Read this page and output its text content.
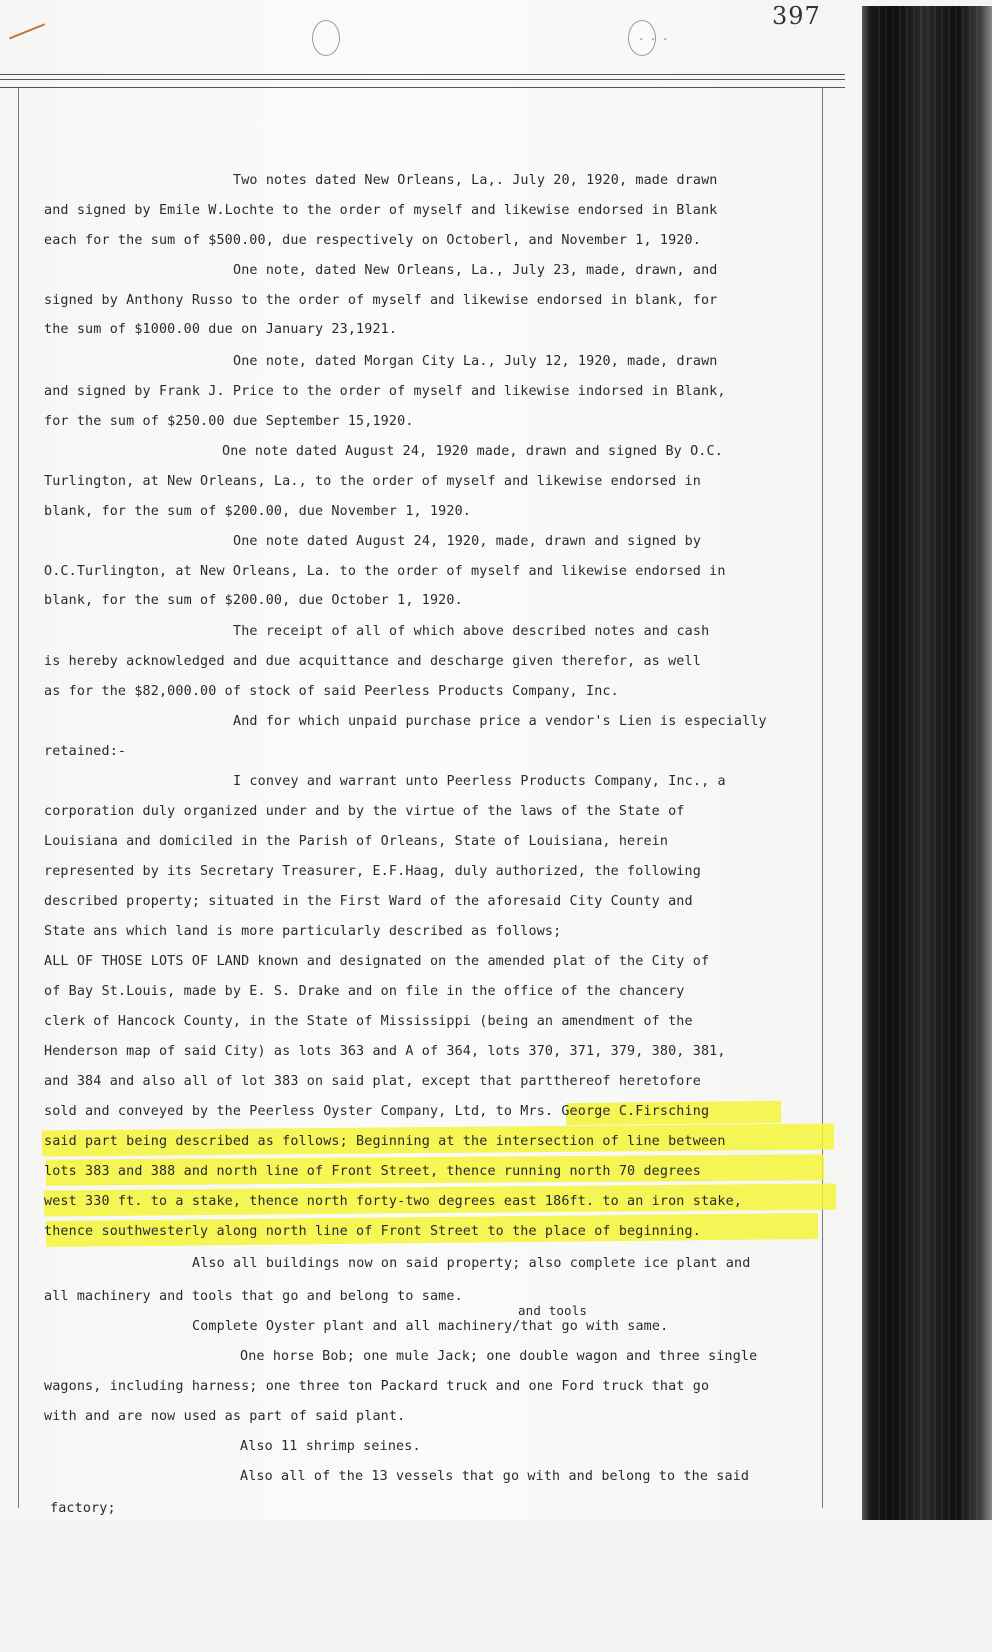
- - -
397
Two notes dated New Orleans, La,. July 20, 1920, made drawn
and signed by Emile W.Lochte to the order of myself and likewise endorsed in Blank
each for the sum of $500.00, due respectively on Octoberl, and November 1, 1920.
One note, dated New Orleans, La., July 23, made, drawn, and
signed by Anthony Russo to the order of myself and likewise endorsed in blank, for
the sum of $1000.00 due on January 23,1921.
One note, dated Morgan City La., July 12, 1920, made, drawn
and signed by Frank J. Price to the order of myself and likewise indorsed in Blank,
for the sum of $250.00 due September 15,1920.
One note dated August 24, 1920 made, drawn and signed By O.C.
Turlington, at New Orleans, La., to the order of myself and likewise endorsed in
blank, for the sum of $200.00, due November 1, 1920.
One note dated August 24, 1920, made, drawn and signed by
O.C.Turlington, at New Orleans, La. to the order of myself and likewise endorsed in
blank, for the sum of $200.00, due October 1, 1920.
The receipt of all of which above described notes and cash
is hereby acknowledged and due acquittance and descharge given therefor, as well
as for the $82,000.00 of stock of said Peerless Products Company, Inc.
And for which unpaid purchase price a vendor's Lien is especially
retained:-
I convey and warrant unto Peerless Products Company, Inc., a
corporation duly organized under and by the virtue of the laws of the State of
Louisiana and domiciled in the Parish of Orleans, State of Louisiana, herein
represented by its Secretary Treasurer, E.F.Haag, duly authorized, the following
described property; situated in the First Ward of the aforesaid City County and
State ans which land is more particularly described as follows;
ALL OF THOSE LOTS OF LAND known and designated on the amended plat of the City of
of Bay St.Louis, made by E. S. Drake and on file in the office of the chancery
clerk of Hancock County, in the State of Mississippi (being an amendment of the
Henderson map of said City) as lots 363 and A of 364, lots 370, 371, 379, 380, 381,
and 384 and also all of lot 383 on said plat, except that partthereof heretofore
sold and conveyed by the Peerless Oyster Company, Ltd, to Mrs. George C.Firsching
said part being described as follows; Beginning at the intersection of line between
lots 383 and 388 and north line of Front Street, thence running north 70 degrees
west 330 ft. to a stake, thence north forty-two degrees east 186ft. to an iron stake,
thence southwesterly along north line of Front Street to the place of beginning.
Also all buildings now on said property; also complete ice plant and
all machinery and tools that go and belong to same.
and tools
Complete Oyster plant and all machinery/that go with same.
One horse Bob; one mule Jack; one double wagon and three single
wagons, including harness; one three ton Packard truck and one Ford truck that go
with and are now used as part of said plant.
Also 11 shrimp seines.
Also all of the 13 vessels that go with and belong to the said
factory;
